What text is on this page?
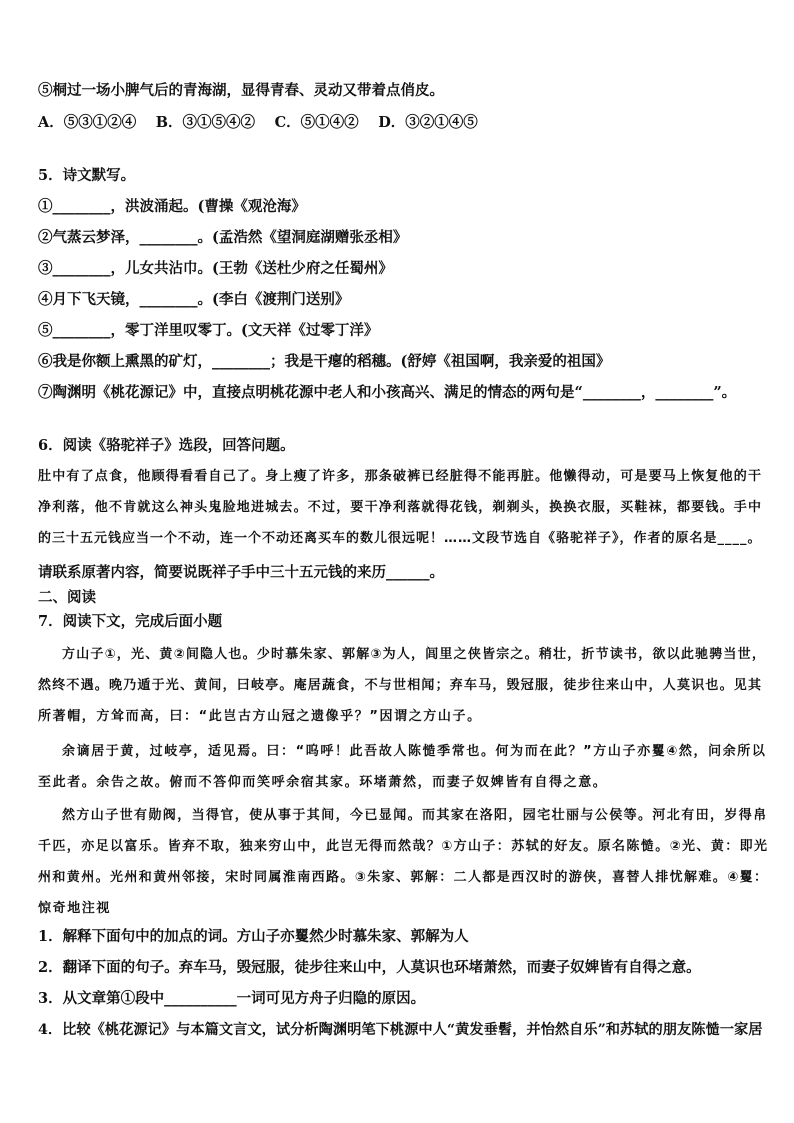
⑤桐过一场小脾气后的青海湖，显得青春、灵动又带着点俏皮。
A．⑤③①②④　 B．③①⑤④②　 C．⑤①④②　 D．③②①④⑤
5．诗文默写。
①________，洪波涌起。(曹操《观沧海》
②气蒸云梦泽，________。(孟浩然《望洞庭湖赠张丞相》
③________，儿女共沾巾。(王勃《送杜少府之任蜀州》
④月下飞天镜，________。(李白《渡荆门送别》
⑤________，零丁洋里叹零丁。(文天祥《过零丁洋》
⑥我是你额上熏黑的矿灯，________；我是干瘪的稻穗。(舒婷《祖国啊，我亲爱的祖国》
⑦陶渊明《桃花源记》中，直接点明桃花源中老人和小孩高兴、满足的情态的两句是“________，________”。
6．阅读《骆驼祥子》选段，回答问题。
肚中有了点食，他顾得看看自己了。身上瘦了许多，那条破裤已经脏得不能再脏。他懒得动，可是要马上恢复他的干
净利落，他不肯就这么神头鬼脸地进城去。不过，要干净利落就得花钱，剃剃头，换换衣服，买鞋袜，都要钱。手中
的三十五元钱应当一个不动，连一个不动还离买车的数儿很远呢！……文段节选自《骆驼祥子》，作者的原名是____。
请联系原著内容，简要说既祥子手中三十五元钱的来历______。
二、阅读
7．阅读下文，完成后面小题
方山子①，光、黄②间隐人也。少时慕朱家、郭解③为人，闾里之侠皆宗之。稍壮，折节读书，欲以此驰骋当世，
然终不遇。晚乃遁于光、黄间，曰岐亭。庵居蔬食，不与世相闻；弃车马，毁冠服，徒步往来山中，人莫识也。见其
所著帽，方耸而高，曰：“此岂古方山冠之遗像乎？”因谓之方山子。
余谪居于黄，过岐亭，适见焉。曰：“呜呼！此吾故人陈慥季常也。何为而在此？”方山子亦矍④然，问余所以
至此者。余告之故。俯而不答仰而笑呼余宿其家。环堵萧然，而妻子奴婢皆有自得之意。
然方山子世有勋阀，当得官，使从事于其间，今已显闻。而其家在洛阳，园宅壮丽与公侯等。河北有田，岁得帛
千匹，亦足以富乐。皆弃不取，独来穷山中，此岂无得而然哉？①方山子：苏轼的好友。原名陈慥。②光、黄：即光
州和黄州。光州和黄州邻接，宋时同属淮南西路。③朱家、郭解：二人都是西汉时的游侠，喜替人排忧解难。④矍：
惊奇地注视
1．解释下面句中的加点的词。方山子亦矍然少时慕朱家、郭解为人
2．翻译下面的句子。弃车马，毁冠服，徒步往来山中，人莫识也环堵萧然，而妻子奴婢皆有自得之意。
3．从文章第①段中__________一词可见方舟子归隐的原因。
4．比较《桃花源记》与本篇文言文，试分析陶渊明笔下桃源中人“黄发垂髫，并怡然自乐”和苏轼的朋友陈慥一家居
